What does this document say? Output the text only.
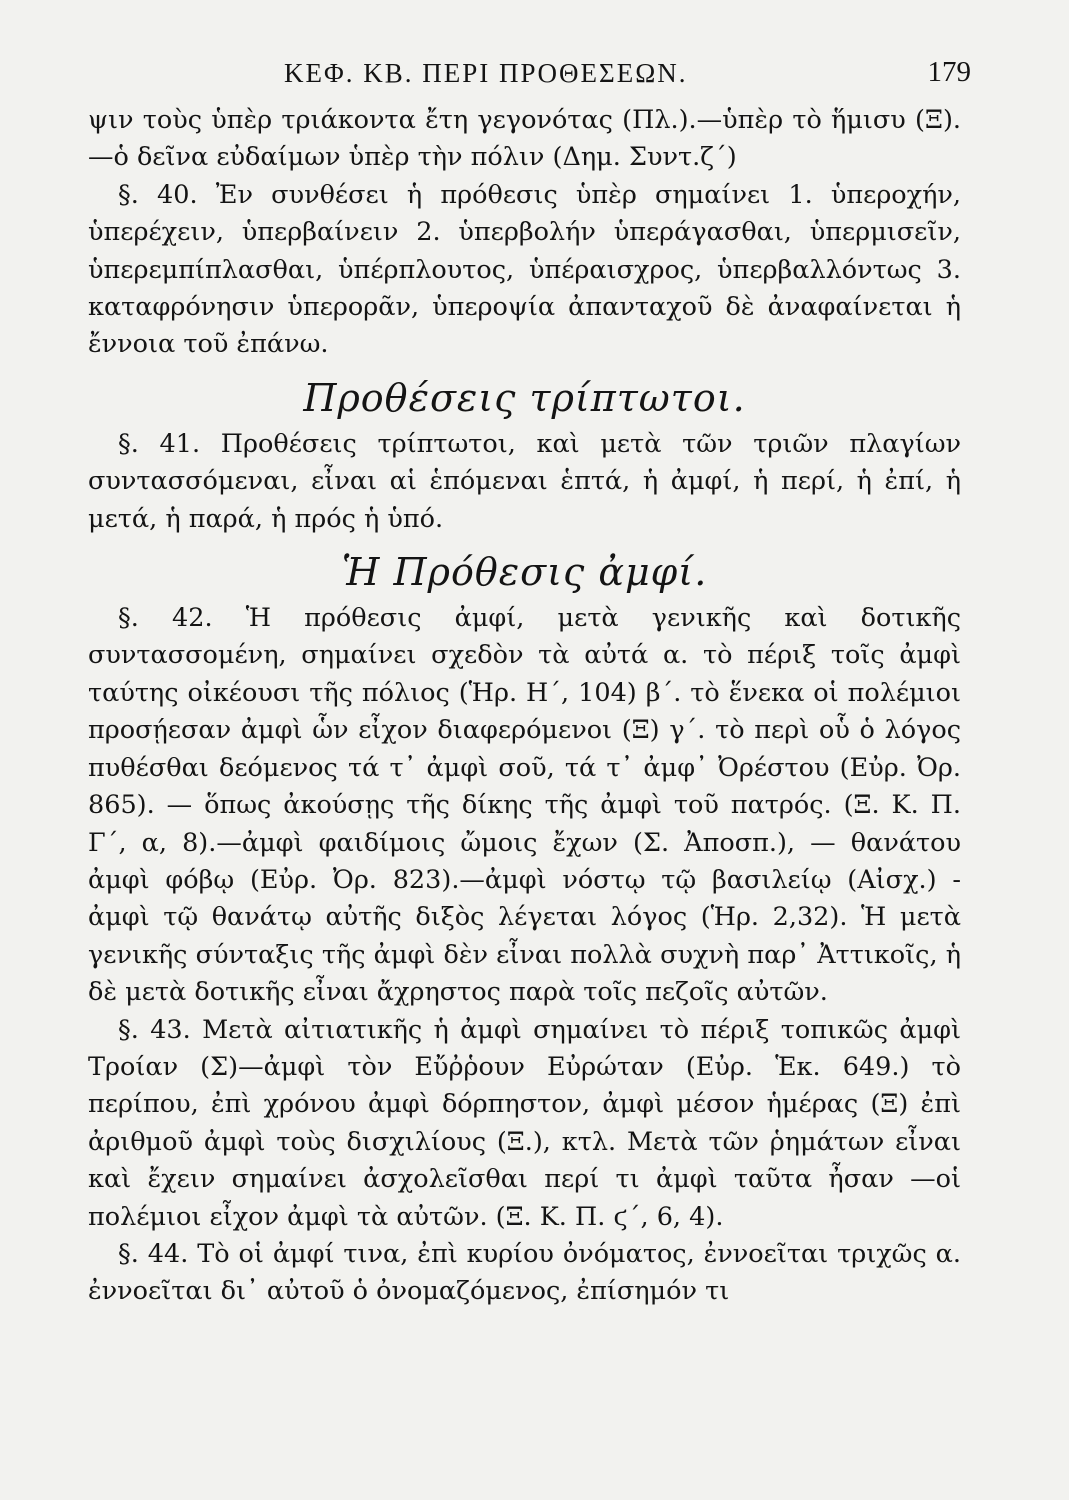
ΚΕΦ. ΚΒ. ΠΕΡΙ ΠΡΟΘΕΣΕΩΝ.	179

ψιν τοὺς ὑπὲρ τριάκοντα ἔτη γεγονότας (Πλ.).—ὑπὲρ τὸ ἥμισυ (Ξ).—ὁ δεῖνα εὐδαίμων ὑπὲρ τὴν πόλιν (Δημ. Συντ.ζ΄)

§. 40. Ἐν συνθέσει ἡ πρόθεσις ὑπὲρ σημαίνει 1. ὑπεροχήν, ὑπερέχειν, ὑπερβαίνειν 2. ὑπερβολήν ὑπεράγασθαι, ὑπερμισεῖν, ὑπερεμπίπλασθαι, ὑπέρπλουτος, ὑπέραισχρος, ὑπερβαλλόντως 3. καταφρόνησιν ὑπερορᾶν, ὑπεροψία ἀπανταχοῦ δὲ ἀναφαίνεται ἡ ἔννοια τοῦ ἐπάνω.

Προθέσεις τρίπτωτοι.

§. 41. Προθέσεις τρίπτωτοι, καὶ μετὰ τῶν τριῶν πλαγίων συντασσόμεναι, εἶναι αἱ ἑπόμεναι ἑπτά, ἡ ἀμφί, ἡ περί, ἡ ἐπί, ἡ μετά, ἡ παρά, ἡ πρός ἡ ὑπό.

Ἡ Πρόθεσις ἀμφί.

§. 42. Ἡ πρόθεσις ἀμφί, μετὰ γενικῆς καὶ δοτικῆς συντασσομένη, σημαίνει σχεδὸν τὰ αὐτά α. τὸ πέριξ τοῖς ἀμφὶ ταύτης οἰκέουσι τῆς πόλιος (Ἡρ. Η΄, 104) β΄. τὸ ἕνεκα οἱ πολέμιοι προσῄεσαν ἀμφὶ ὧν εἶχον διαφερόμενοι (Ξ) γ΄. τὸ περὶ οὗ ὁ λόγος πυθέσθαι δεόμενος τά τ᾿ ἀμφὶ σοῦ, τά τ᾿ ἀμφ᾿ Ὀρέστου (Εὐρ. Ὀρ. 865). — ὅπως ἀκούσῃς τῆς δίκης τῆς ἀμφὶ τοῦ πατρός. (Ξ. Κ. Π. Γ΄, α, 8).—ἀμφὶ φαιδίμοις ὤμοις ἔχων (Σ. Ἀποσπ.), — θανάτου ἀμφὶ φόβῳ (Εὐρ. Ὀρ. 823).—ἀμφὶ νόστῳ τῷ βασιλείῳ (Αἰσχ.) - ἀμφὶ τῷ θανάτῳ αὐτῆς διξὸς λέγεται λόγος (Ἡρ. 2,32). Ἡ μετὰ γενικῆς σύνταξις τῆς ἀμφὶ δὲν εἶναι πολλὰ συχνὴ παρ᾿ Ἀττικοῖς, ἡ δὲ μετὰ δοτικῆς εἶναι ἄχρηστος παρὰ τοῖς πεζοῖς αὐτῶν.

§. 43. Μετὰ αἰτιατικῆς ἡ ἀμφὶ σημαίνει τὸ πέριξ τοπικῶς ἀμφὶ Τροίαν (Σ)—ἀμφὶ τὸν Εὔῤῥουν Εὐρώταν (Εὐρ. Ἑκ. 649.) τὸ περίπου, ἐπὶ χρόνου ἀμφὶ δόρπηστον, ἀμφὶ μέσον ἡμέρας (Ξ) ἐπὶ ἀριθμοῦ ἀμφὶ τοὺς δισχιλίους (Ξ.), κτλ. Μετὰ τῶν ῥημάτων εἶναι καὶ ἔχειν σημαίνει ἀσχολεῖσθαι περί τι ἀμφὶ ταῦτα ἦσαν —οἱ πολέμιοι εἶχον ἀμφὶ τὰ αὐτῶν. (Ξ. Κ. Π. ϛ΄, 6, 4).

§. 44. Τὸ οἱ ἀμφί τινα, ἐπὶ κυρίου ὀνόματος, ἐννοεῖται τριχῶς α. ἐννοεῖται δι᾿ αὐτοῦ ὁ ὀνομαζόμενος, ἐπίσημόν τι
